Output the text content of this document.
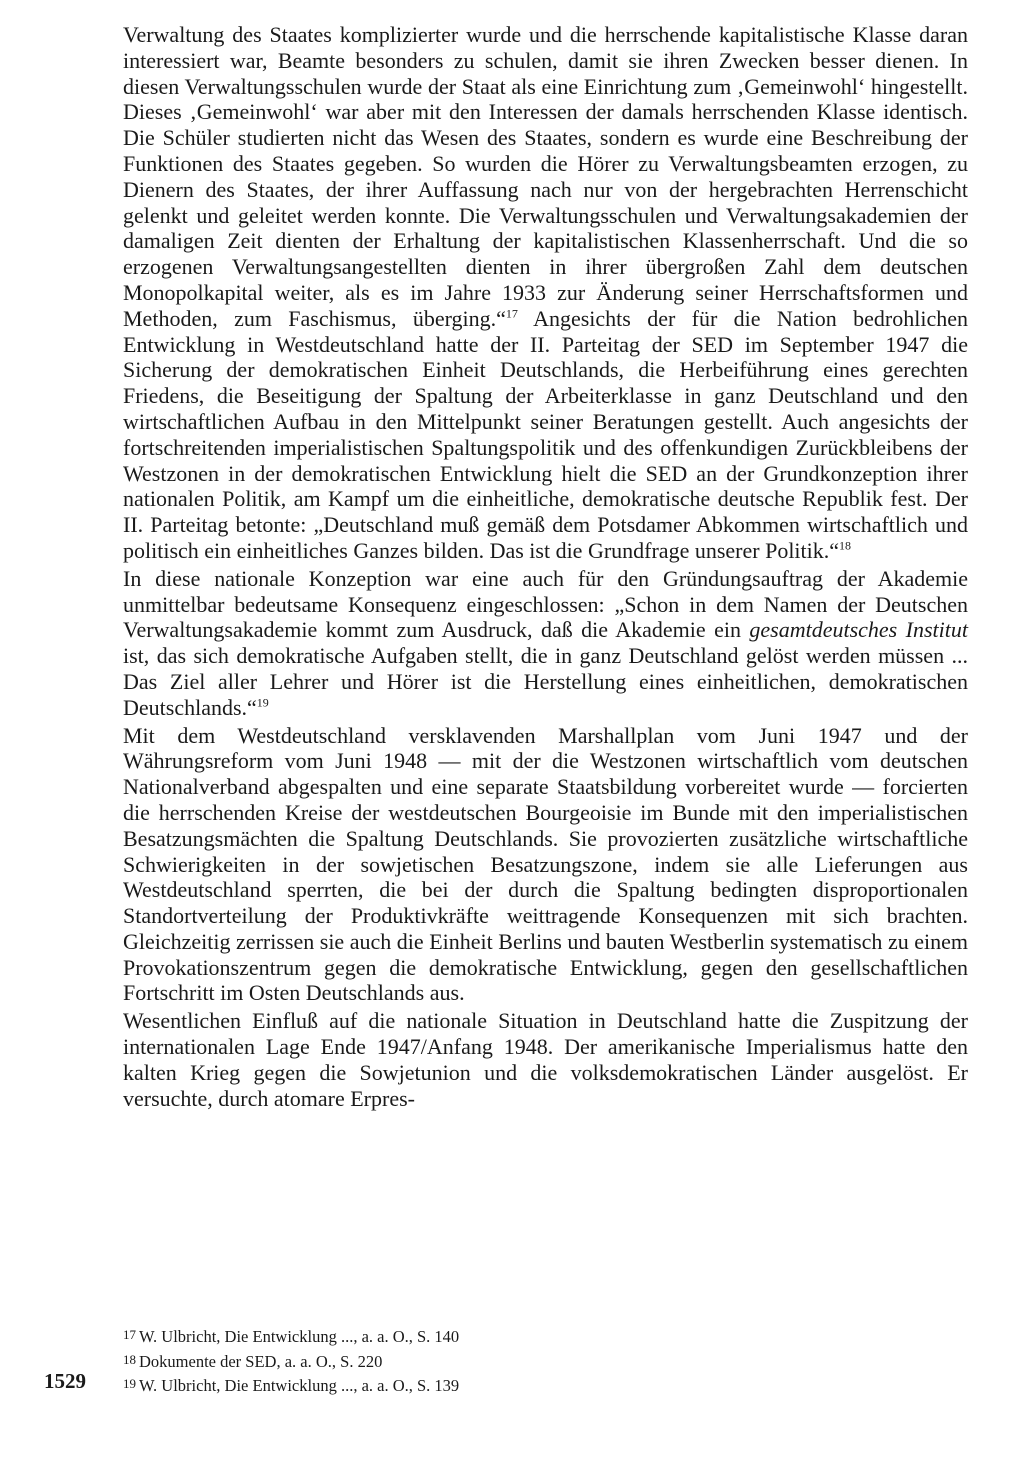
Verwaltung des Staates komplizierter wurde und die herrschende kapitalistische Klasse daran interessiert war, Beamte besonders zu schulen, damit sie ihren Zwecken besser dienen. In diesen Verwaltungsschulen wurde der Staat als eine Einrichtung zum ‚Gemeinwohl‘ hingestellt. Dieses ‚Gemeinwohl‘ war aber mit den Interessen der damals herrschenden Klasse identisch. Die Schüler studierten nicht das Wesen des Staates, sondern es wurde eine Beschreibung der Funktionen des Staates gegeben. So wurden die Hörer zu Verwaltungsbeamten erzogen, zu Dienern des Staates, der ihrer Auffassung nach nur von der hergebrachten Herrenschicht gelenkt und geleitet werden konnte. Die Verwaltungsschulen und Verwaltungsakademien der damaligen Zeit dienten der Erhaltung der kapitalistischen Klassenherrschaft. Und die so erzogenen Verwaltungsangestellten dienten in ihrer übergroßen Zahl dem deutschen Monopolkapital weiter, als es im Jahre 1933 zur Änderung seiner Herrschaftsformen und Methoden, zum Faschismus, überging.“$^{17}$ Angesichts der für die Nation bedrohlichen Entwicklung in Westdeutschland hatte der II. Parteitag der SED im September 1947 die Sicherung der demokratischen Einheit Deutschlands, die Herbeiführung eines gerechten Friedens, die Beseitigung der Spaltung der Arbeiterklasse in ganz Deutschland und den wirtschaftlichen Aufbau in den Mittelpunkt seiner Beratungen gestellt. Auch angesichts der fortschreitenden imperialistischen Spaltungspolitik und des offenkundigen Zurückbleibens der Westzonen in der demokratischen Entwicklung hielt die SED an der Grundkonzeption ihrer nationalen Politik, am Kampf um die einheitliche, demokratische deutsche Republik fest. Der II. Parteitag betonte: „Deutschland muß gemäß dem Potsdamer Abkommen wirtschaftlich und politisch ein einheitliches Ganzes bilden. Das ist die Grundfrage unserer Politik.“$^{18}$

In diese nationale Konzeption war eine auch für den Gründungsauftrag der Akademie unmittelbar bedeutsame Konsequenz eingeschlossen: „Schon in dem Namen der Deutschen Verwaltungsakademie kommt zum Ausdruck, daß die Akademie ein gesamtdeutsches Institut ist, das sich demokratische Aufgaben stellt, die in ganz Deutschland gelöst werden müssen ... Das Ziel aller Lehrer und Hörer ist die Herstellung eines einheitlichen, demokratischen Deutschlands.“$^{19}$

Mit dem Westdeutschland versklavenden Marshallplan vom Juni 1947 und der Währungsreform vom Juni 1948 — mit der die Westzonen wirtschaftlich vom deutschen Nationalverband abgespalten und eine separate Staatsbildung vorbereitet wurde — forcierten die herrschenden Kreise der westdeutschen Bourgeoisie im Bunde mit den imperialistischen Besatzungsmächten die Spaltung Deutschlands. Sie provozierten zusätzliche wirtschaftliche Schwierigkeiten in der sowjetischen Besatzungszone, indem sie alle Lieferungen aus Westdeutschland sperrten, die bei der durch die Spaltung bedingten disproportionalen Standortverteilung der Produktivkräfte weittragende Konsequenzen mit sich brachten. Gleichzeitig zerrissen sie auch die Einheit Berlins und bauten Westberlin systematisch zu einem Provokationszentrum gegen die demokratische Entwicklung, gegen den gesellschaftlichen Fortschritt im Osten Deutschlands aus.

Wesentlichen Einfluß auf die nationale Situation in Deutschland hatte die Zuspitzung der internationalen Lage Ende 1947/Anfang 1948. Der amerikanische Imperialismus hatte den kalten Krieg gegen die Sowjetunion und die volksdemokratischen Länder ausgelöst. Er versuchte, durch atomare Erpres-

17 W. Ulbricht, Die Entwicklung ..., a. a. O., S. 140
18 Dokumente der SED, a. a. O., S. 220
19 W. Ulbricht, Die Entwicklung ..., a. a. O., S. 139
1529
